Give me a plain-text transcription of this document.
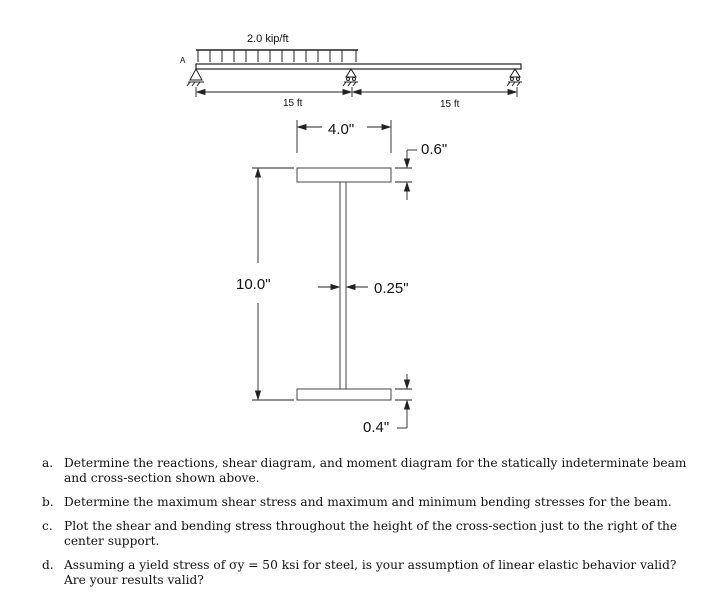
2.0 kip/ft
A
15 ft	15 ft
4.0"
0.6"
10.0"	0.25"
0.4"
a. Determine the reactions, shear diagram, and moment diagram for the statically indeterminate beam and cross-section shown above.
b. Determine the maximum shear stress and maximum and minimum bending stresses for the beam.
c. Plot the shear and bending stress throughout the height of the cross-section just to the right of the center support.
d. Assuming a yield stress of σy = 50 ksi for steel, is your assumption of linear elastic behavior valid? Are your results valid?
